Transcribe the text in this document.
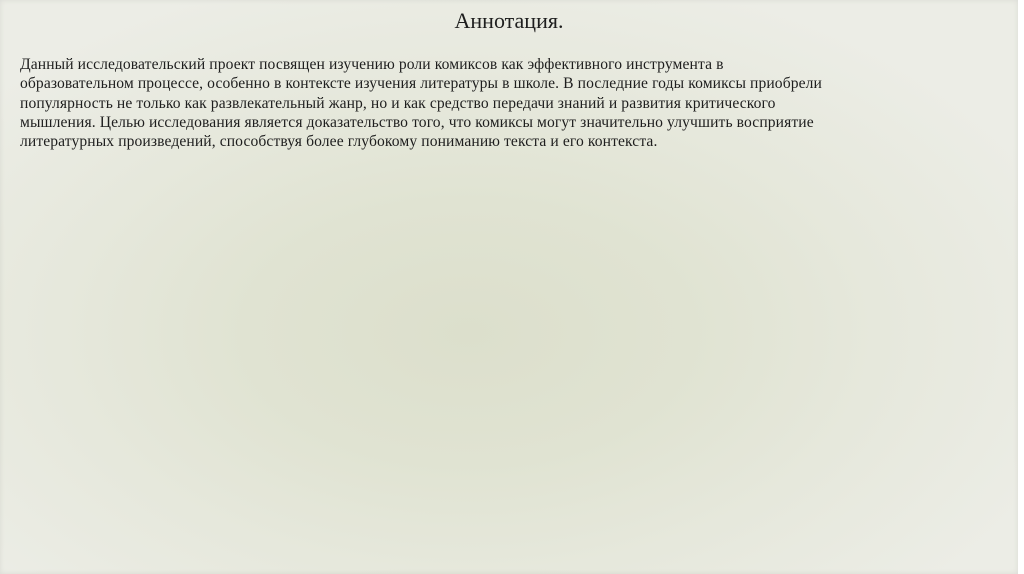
Аннотация.

Данный исследовательский проект посвящен изучению роли комиксов как эффективного инструмента в образовательном процессе, особенно в контексте изучения литературы в школе. В последние годы комиксы приобрели популярность не только как развлекательный жанр, но и как средство передачи знаний и развития критического мышления. Целью исследования является доказательство того, что комиксы могут значительно улучшить восприятие литературных произведений, способствуя более глубокому пониманию текста и его контекста.
